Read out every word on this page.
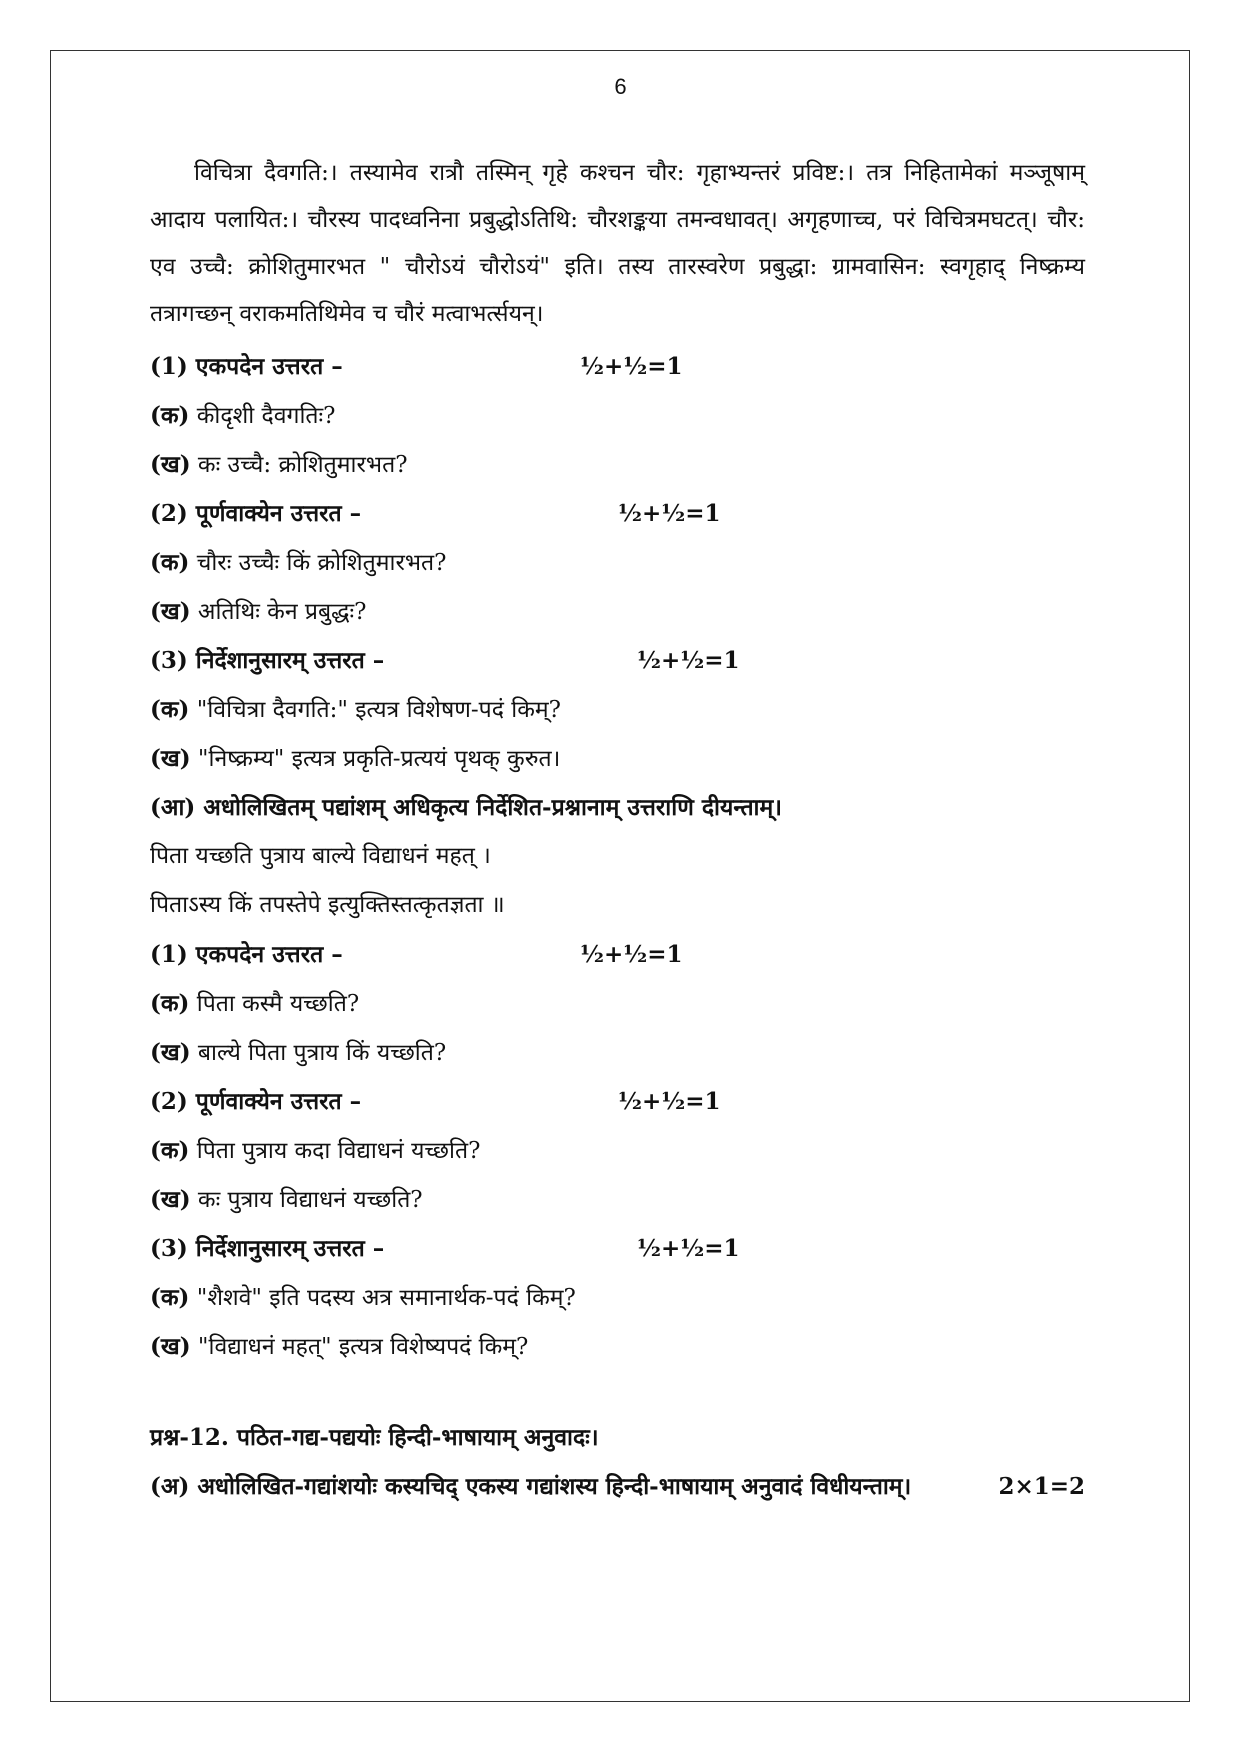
6

विचित्रा दैवगति:। तस्यामेव रात्रौ तस्मिन् गृहे कश्चन चौर: गृहाभ्यन्तरं प्रविष्ट:। तत्र निहितामेकां मञ्जूषाम् आदाय पलायित:। चौरस्य पादध्वनिना प्रबुद्धोऽतिथि: चौरशङ्कया तमन्वधावत्। अगृहणाच्च, परं विचित्रमघटत्। चौर: एव उच्चै: क्रोशितुमारभत " चौरोऽयं चौरोऽयं" इति। तस्य तारस्वरेण प्रबुद्धा: ग्रामवासिन: स्वगृहाद् निष्क्रम्य तत्रागच्छन् वराकमतिथिमेव च चौरं मत्वाभर्त्सयन्।

(1) एकपदेन उत्तरत –	½+½=1
(क) कीदृशी दैवगतिः?
(ख) कः उच्चै: क्रोशितुमारभत?
(2) पूर्णवाक्येन उत्तरत –	½+½=1
(क) चौरः उच्चैः किं क्रोशितुमारभत?
(ख) अतिथिः केन प्रबुद्धः?
(3) निर्देशानुसारम् उत्तरत –	½+½=1
(क) "विचित्रा दैवगति:" इत्यत्र विशेषण-पदं किम्?
(ख) "निष्क्रम्य" इत्यत्र प्रकृति-प्रत्ययं पृथक् कुरुत।
(आ) अधोलिखितम् पद्यांशम् अधिकृत्य निर्देशित-प्रश्नानाम् उत्तराणि दीयन्ताम्।
पिता यच्छति पुत्राय बाल्ये विद्याधनं महत् ।
पिताऽस्य किं तपस्तेपे इत्युक्तिस्तत्कृतज्ञता ॥
(1) एकपदेन उत्तरत –	½+½=1
(क) पिता कस्मै यच्छति?
(ख) बाल्ये पिता पुत्राय किं यच्छति?
(2) पूर्णवाक्येन उत्तरत –	½+½=1
(क) पिता पुत्राय कदा विद्याधनं यच्छति?
(ख) कः पुत्राय विद्याधनं यच्छति?
(3) निर्देशानुसारम् उत्तरत –	½+½=1
(क) "शैशवे" इति पदस्य अत्र समानार्थक-पदं किम्?
(ख) "विद्याधनं महत्" इत्यत्र विशेष्यपदं किम्?
प्रश्न-12. पठित-गद्य-पद्ययोः हिन्दी-भाषायाम् अनुवादः।
(अ) अधोलिखित-गद्यांशयोः कस्यचिद् एकस्य गद्यांशस्य हिन्दी-भाषायाम् अनुवादं विधीयन्ताम्।	2×1=2
